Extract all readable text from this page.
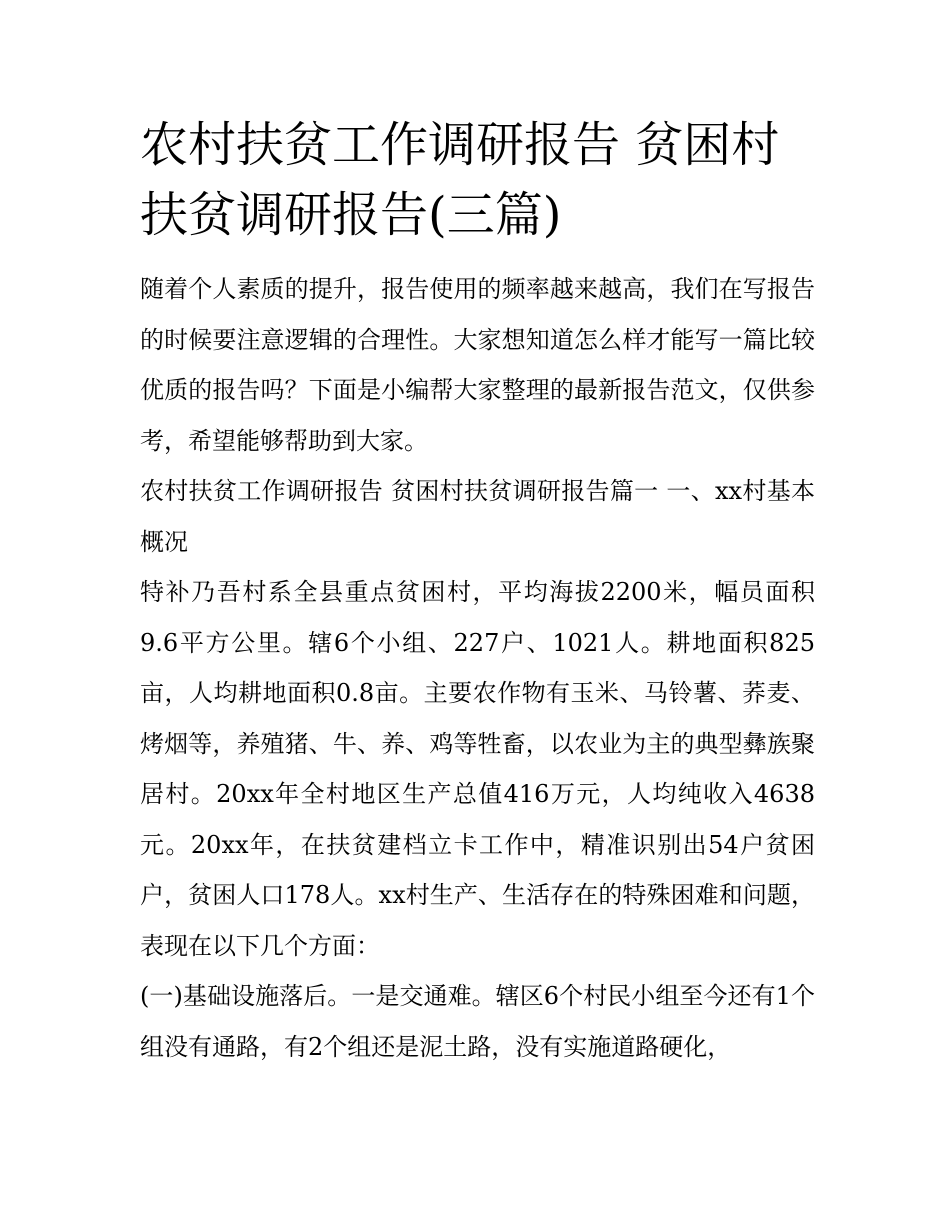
农村扶贫工作调研报告 贫困村扶贫调研报告(三篇)

随着个人素质的提升，报告使用的频率越来越高，我们在写报告的时候要注意逻辑的合理性。大家想知道怎么样才能写一篇比较优质的报告吗？下面是小编帮大家整理的最新报告范文，仅供参考，希望能够帮助到大家。

农村扶贫工作调研报告 贫困村扶贫调研报告篇一 一、xx村基本概况

特补乃吾村系全县重点贫困村，平均海拔2200米，幅员面积9.6平方公里。辖6个小组、227户、1021人。耕地面积825亩，人均耕地面积0.8亩。主要农作物有玉米、马铃薯、荞麦、烤烟等，养殖猪、牛、养、鸡等牲畜，以农业为主的典型彝族聚居村。20xx年全村地区生产总值416万元，人均纯收入4638元。20xx年，在扶贫建档立卡工作中，精准识别出54户贫困户，贫困人口178人。xx村生产、生活存在的特殊困难和问题，表现在以下几个方面：

(一)基础设施落后。一是交通难。辖区6个村民小组至今还有1个组没有通路，有2个组还是泥土路，没有实施道路硬化，
